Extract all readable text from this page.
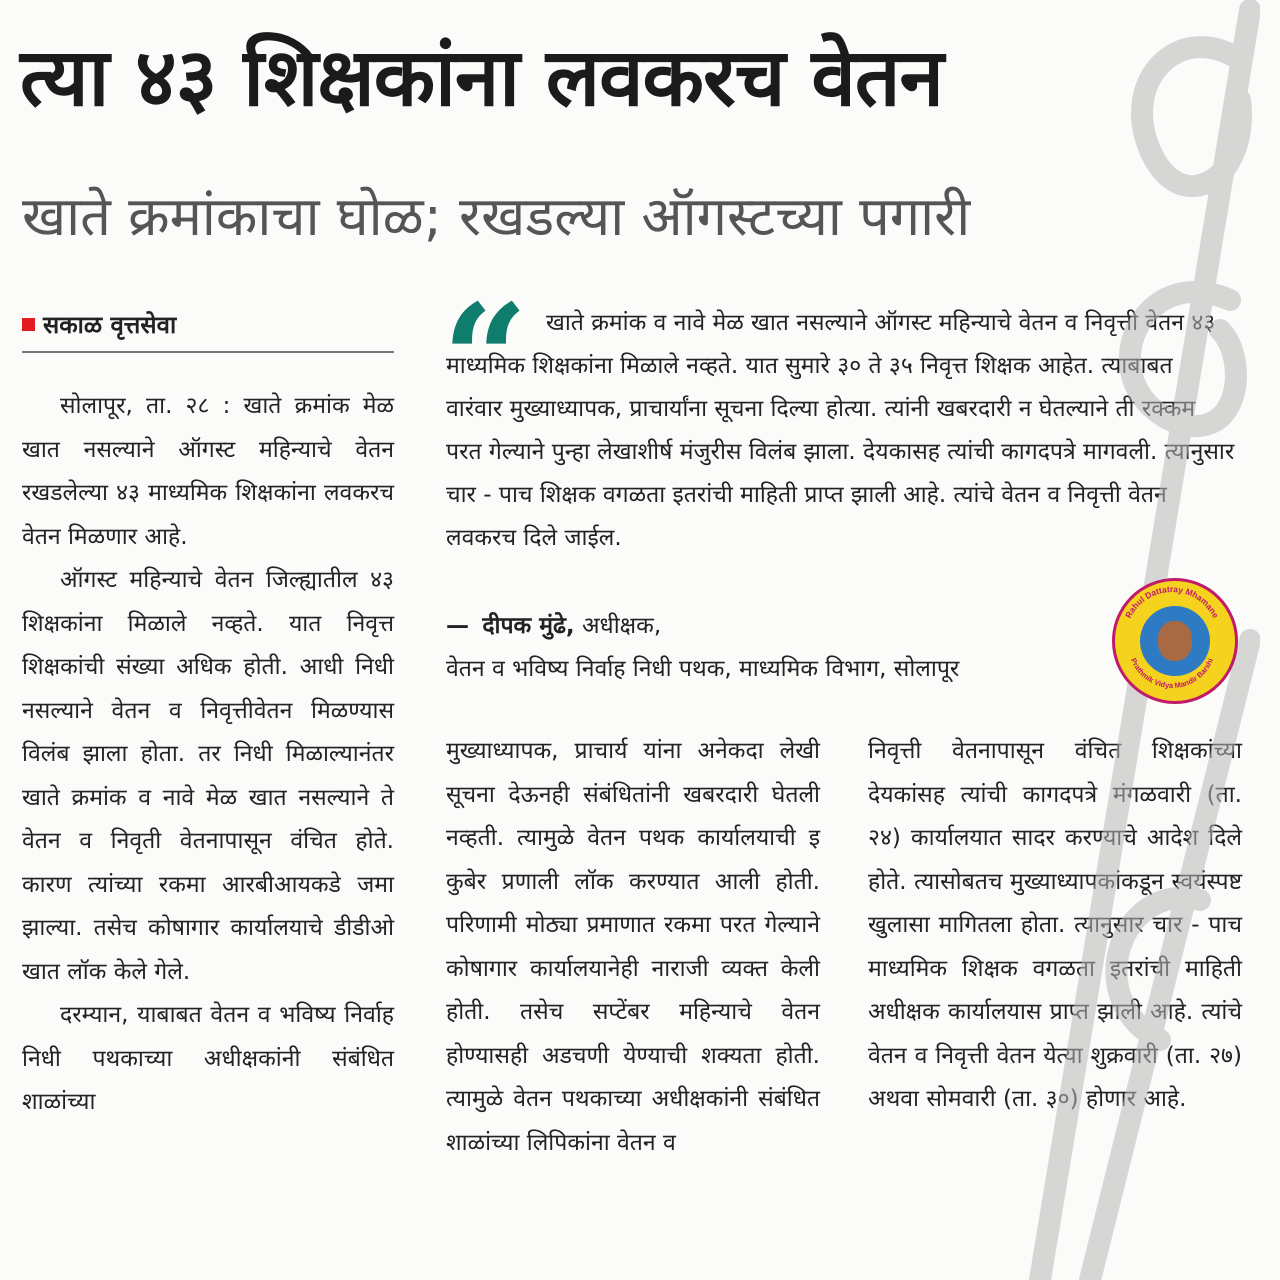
त्या ४३ शिक्षकांना लवकरच वेतन
खाते क्रमांकाचा घोळ; रखडल्या ऑगस्टच्या पगारी
सकाळ वृत्तसेवा

सोलापूर, ता. २८ : खाते क्रमांक मेळ खात नसल्याने ऑगस्ट महिन्याचे वेतन रखडलेल्या ४३ माध्यमिक शिक्षकांना लवकरच वेतन मिळणार आहे.

ऑगस्ट महिन्याचे वेतन जिल्ह्यातील ४३ शिक्षकांना मिळाले नव्हते. यात निवृत्त शिक्षकांची संख्या अधिक होती. आधी निधी नसल्याने वेतन व निवृत्तीवेतन मिळण्यास विलंब झाला होता. तर निधी मिळाल्यानंतर खाते क्रमांक व नावे मेळ खात नसल्याने ते वेतन व निवृती वेतनापासून वंचित होते. कारण त्यांच्या रकमा आरबीआयकडे जमा झाल्या. तसेच कोषागार कार्यालयाचे डीडीओ खात लॉक केले गेले.

दरम्यान, याबाबत वेतन व भविष्य निर्वाह निधी पथकाच्या अधीक्षकांनी संबंधित शाळांच्या

“ खाते क्रमांक व नावे मेळ खात नसल्याने ऑगस्ट महिन्याचे वेतन व निवृत्ती वेतन ४३ माध्यमिक शिक्षकांना मिळाले नव्हते. यात सुमारे ३० ते ३५ निवृत्त शिक्षक आहेत. त्याबाबत वारंवार मुख्याध्यापक, प्राचार्यांना सूचना दिल्या होत्या. त्यांनी खबरदारी न घेतल्याने ती रक्कम परत गेल्याने पुन्हा लेखाशीर्ष मंजुरीस विलंब झाला. देयकासह त्यांची कागदपत्रे मागवली. त्यानुसार चार - पाच शिक्षक वगळता इतरांची माहिती प्राप्त झाली आहे. त्यांचे वेतन व निवृत्ती वेतन लवकरच दिले जाईल.
— दीपक मुंढे, अधीक्षक,
वेतन व भविष्य निर्वाह निधी पथक, माध्यमिक विभाग, सोलापूर

मुख्याध्यापक, प्राचार्य यांना अनेकदा लेखी सूचना देऊनही संबंधितांनी खबरदारी घेतली नव्हती. त्यामुळे वेतन पथक कार्यालयाची इ कुबेर प्रणाली लॉक करण्यात आली होती. परिणामी मोठ्या प्रमाणात रकमा परत गेल्याने कोषागार कार्यालयानेही नाराजी व्यक्त केली होती. तसेच सप्टेंबर महिन्याचे वेतन होण्यासही अडचणी येण्याची शक्यता होती. त्यामुळे वेतन पथकाच्या अधीक्षकांनी संबंधित शाळांच्या लिपिकांना वेतन व

निवृत्ती वेतनापासून वंचित शिक्षकांच्या देयकांसह त्यांची कागदपत्रे मंगळवारी (ता. २४) कार्यालयात सादर करण्याचे आदेश दिले होते. त्यासोबतच मुख्याध्यापकांकडून स्वयंस्पष्ट खुलासा मागितला होता. त्यानुसार चार - पाच माध्यमिक शिक्षक वगळता इतरांची माहिती अधीक्षक कार्यालयास प्राप्त झाली आहे. त्यांचे वेतन व निवृत्ती वेतन येत्या शुक्रवारी (ता. २७) अथवा सोमवारी (ता. ३०) होणार आहे.

Rahul Dattatray Mhamane
Prathmik Vidya Mandir Barshi
